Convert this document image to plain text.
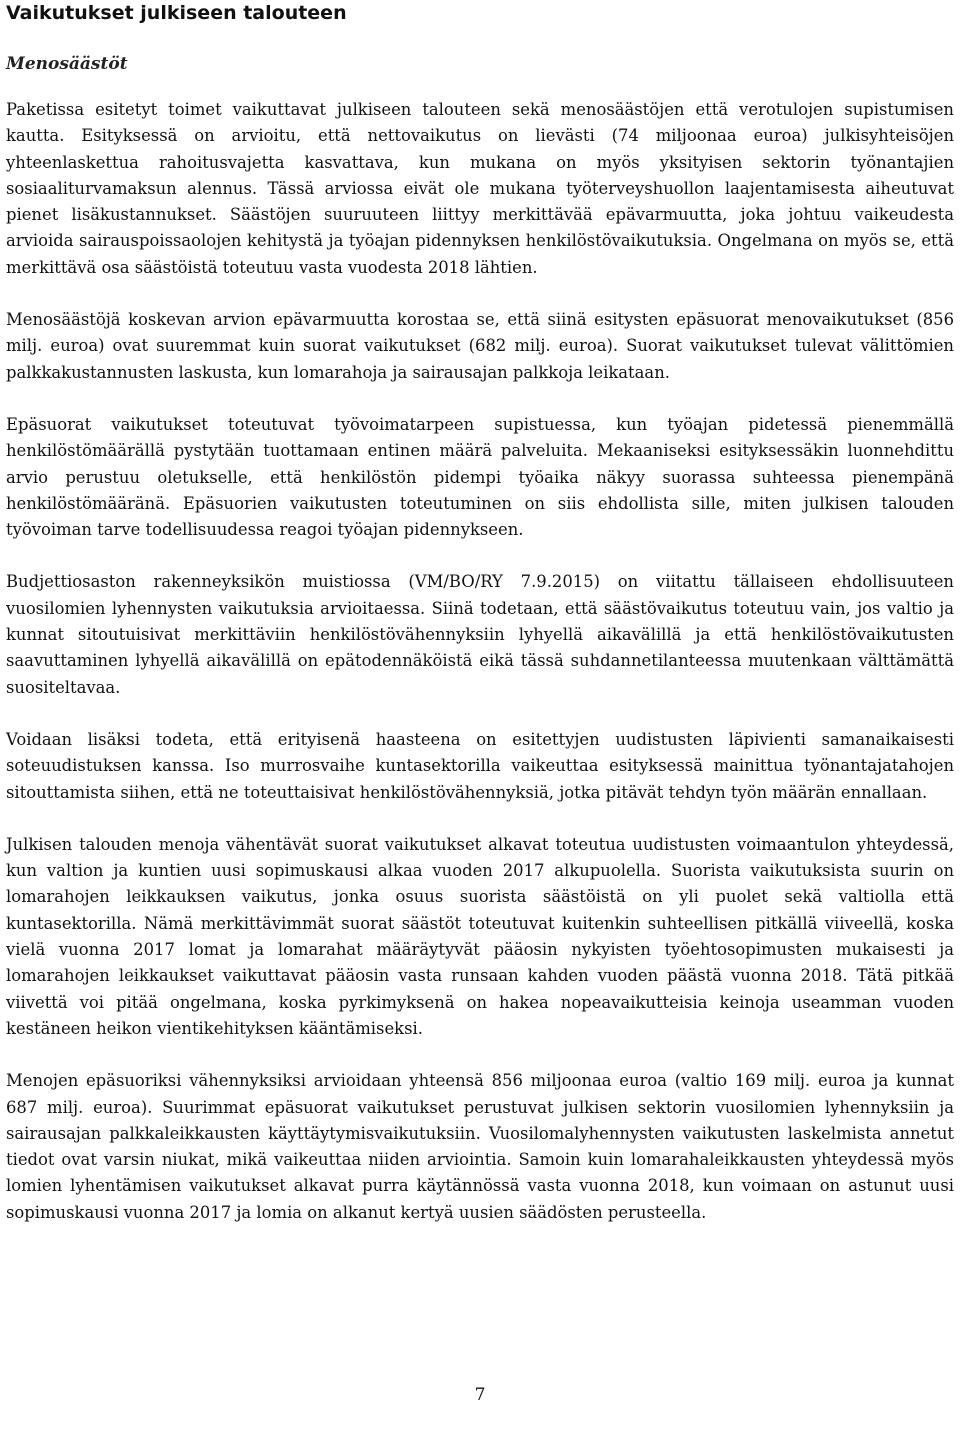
Vaikutukset julkiseen talouteen
Menosäästöt

Paketissa esitetyt toimet vaikuttavat julkiseen talouteen sekä menosäästöjen että verotulojen supistumisen kautta. Esityksessä on arvioitu, että nettovaikutus on lievästi (74 miljoonaa euroa) julkisyhteisöjen yhteenlaskettua rahoitusvajetta kasvattava, kun mukana on myös yksityisen sektorin työnantajien sosiaaliturvamaksun alennus. Tässä arviossa eivät ole mukana työterveyshuollon laajentamisesta aiheutuvat pienet lisäkustannukset. Säästöjen suuruuteen liittyy merkittävää epävarmuutta, joka johtuu vaikeudesta arvioida sairauspoissaolojen kehitystä ja työajan pidennyksen henkilöstövaikutuksia. Ongelmana on myös se, että merkittävä osa säästöistä toteutuu vasta vuodesta 2018 lähtien.

Menosäästöjä koskevan arvion epävarmuutta korostaa se, että siinä esitysten epäsuorat menovaikutukset (856 milj. euroa) ovat suuremmat kuin suorat vaikutukset (682 milj. euroa). Suorat vaikutukset tulevat välittömien palkkakustannusten laskusta, kun lomarahoja ja sairausajan palkkoja leikataan.

Epäsuorat vaikutukset toteutuvat työvoimatarpeen supistuessa, kun työajan pidetessä pienemmällä henkilöstömäärällä pystytään tuottamaan entinen määrä palveluita. Mekaaniseksi esityksessäkin luonnehdittu arvio perustuu oletukselle, että henkilöstön pidempi työaika näkyy suorassa suhteessa pienempänä henkilöstömääränä. Epäsuorien vaikutusten toteutuminen on siis ehdollista sille, miten julkisen talouden työvoiman tarve todellisuudessa reagoi työajan pidennykseen.

Budjettiosaston rakenneyksikön muistiossa (VM/BO/RY 7.9.2015) on viitattu tällaiseen ehdollisuuteen vuosilomien lyhennysten vaikutuksia arvioitaessa. Siinä todetaan, että säästövaikutus toteutuu vain, jos valtio ja kunnat sitoutuisivat merkittäviin henkilöstövähennyksiin lyhyellä aikavälillä ja että henkilöstövaikutusten saavuttaminen lyhyellä aikavälillä on epätodennäköistä eikä tässä suhdannetilanteessa muutenkaan välttämättä suositeltavaa.

Voidaan lisäksi todeta, että erityisenä haasteena on esitettyjen uudistusten läpivienti samanaikaisesti soteuudistuksen kanssa. Iso murrosvaihe kuntasektorilla vaikeuttaa esityksessä mainittua työnantajatahojen sitouttamista siihen, että ne toteuttaisivat henkilöstövähennyksiä, jotka pitävät tehdyn työn määrän ennallaan.

Julkisen talouden menoja vähentävät suorat vaikutukset alkavat toteutua uudistusten voimaantulon yhteydessä, kun valtion ja kuntien uusi sopimuskausi alkaa vuoden 2017 alkupuolella. Suorista vaikutuksista suurin on lomarahojen leikkauksen vaikutus, jonka osuus suorista säästöistä on yli puolet sekä valtiolla että kuntasektorilla. Nämä merkittävimmät suorat säästöt toteutuvat kuitenkin suhteellisen pitkällä viiveellä, koska vielä vuonna 2017 lomat ja lomarahat määräytyvät pääosin nykyisten työehtosopimusten mukaisesti ja lomarahojen leikkaukset vaikuttavat pääosin vasta runsaan kahden vuoden päästä vuonna 2018. Tätä pitkää viivettä voi pitää ongelmana, koska pyrkimyksenä on hakea nopeavaikutteisia keinoja useamman vuoden kestäneen heikon vientikehityksen kääntämiseksi.

Menojen epäsuoriksi vähennyksiksi arvioidaan yhteensä 856 miljoonaa euroa (valtio 169 milj. euroa ja kunnat 687 milj. euroa). Suurimmat epäsuorat vaikutukset perustuvat julkisen sektorin vuosilomien lyhennyksiin ja sairausajan palkkaleikkausten käyttäytymisvaikutuksiin. Vuosilomalyhennysten vaikutusten laskelmista annetut tiedot ovat varsin niukat, mikä vaikeuttaa niiden arviointia. Samoin kuin lomarahaleikkausten yhteydessä myös lomien lyhentämisen vaikutukset alkavat purra käytännössä vasta vuonna 2018, kun voimaan on astunut uusi sopimuskausi vuonna 2017 ja lomia on alkanut kertyä uusien säädösten perusteella.

7
